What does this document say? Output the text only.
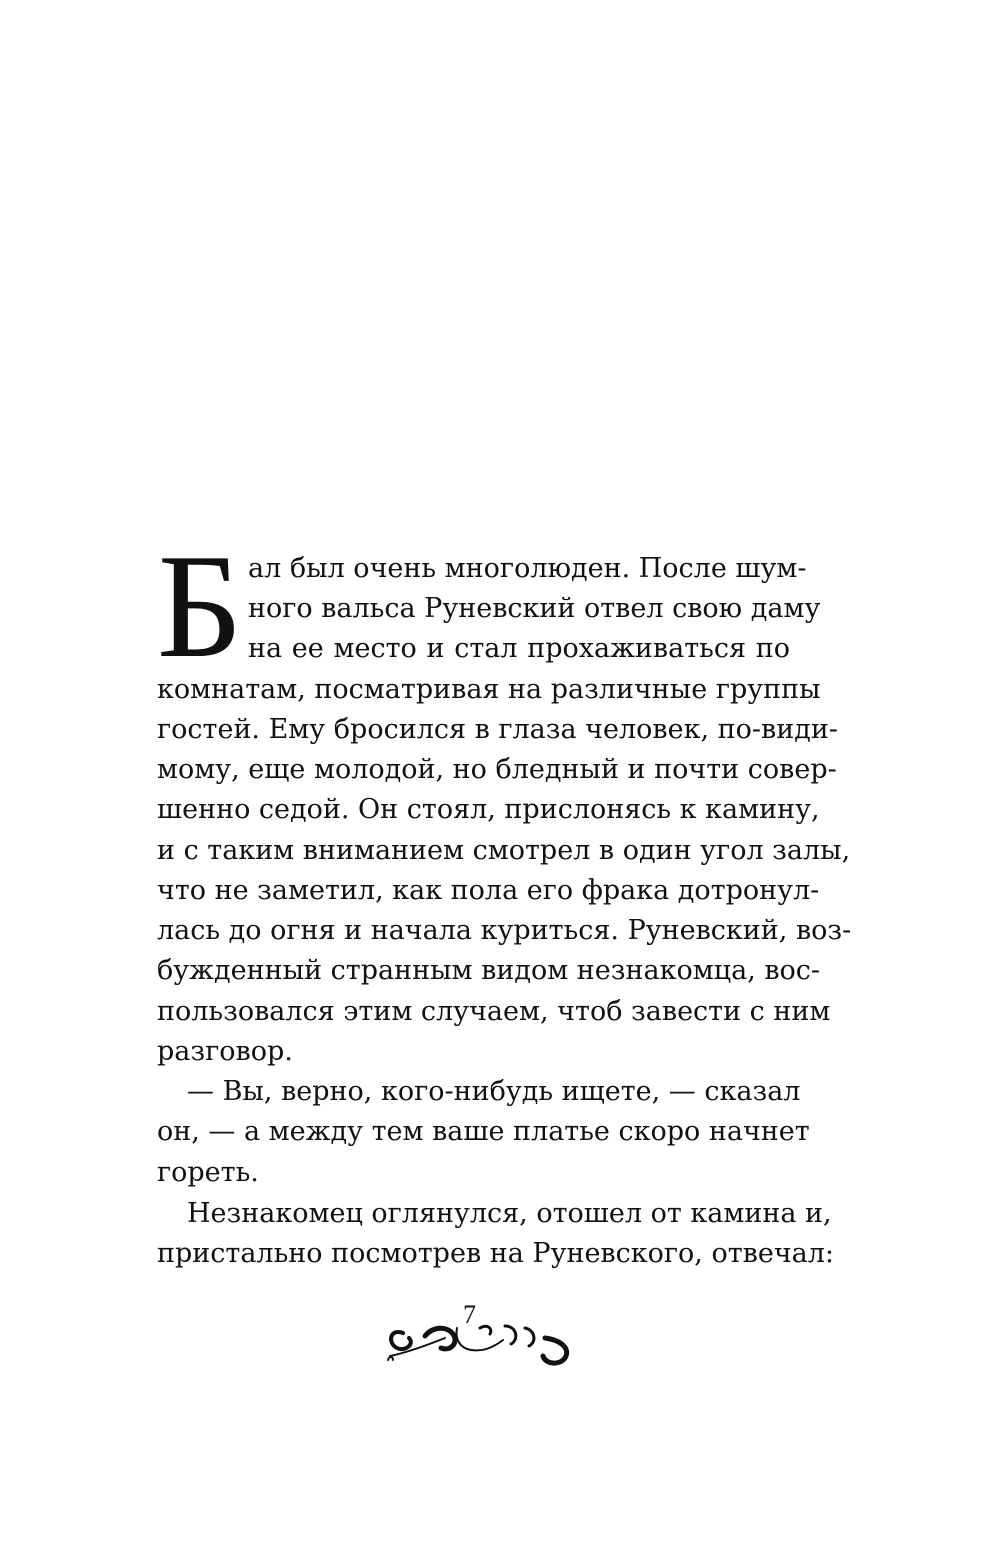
Б ал был очень многолюден. После шум-
ного вальса Руневский отвел свою даму
на ее место и стал прохаживаться по
комнатам, посматривая на различные группы
гостей. Ему бросился в глаза человек, по-види-
мому, еще молодой, но бледный и почти совер-
шенно седой. Он стоял, прислонясь к камину,
и с таким вниманием смотрел в один угол залы,
что не заметил, как пола его фрака дотронул-
лась до огня и начала куриться. Руневский, воз-
бужденный странным видом незнакомца, вос-
пользовался этим случаем, чтоб завести с ним
разговор.
— Вы, верно, кого-нибудь ищете, — сказал
он, — а между тем ваше платье скоро начнет
гореть.
Незнакомец оглянулся, отошел от камина и,
пристально посмотрев на Руневского, отвечал:
7
